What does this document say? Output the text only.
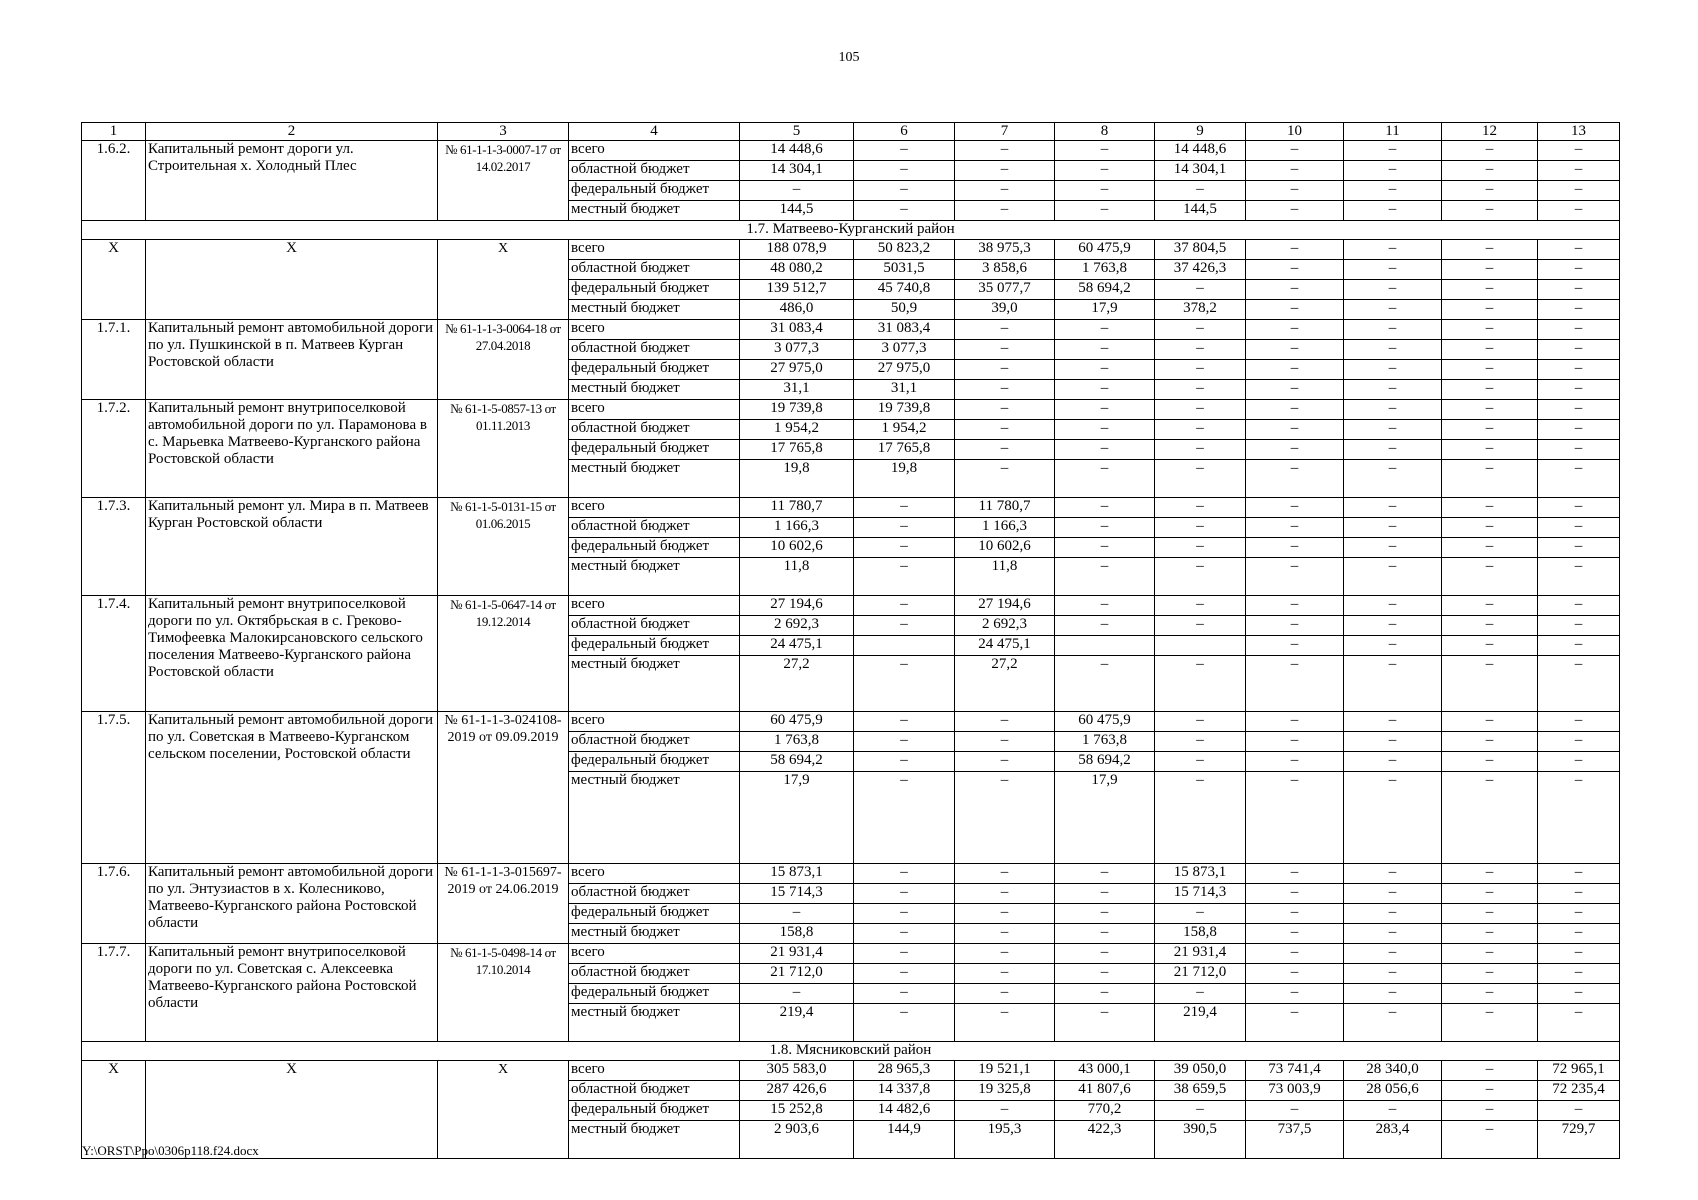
105
1	2	3	4	5	6	7	8	9	10	11	12	13
1.6.2.	Капитальный ремонт дороги ул. Строительная х. Холодный Плес	№ 61-1-1-3-0007-17 от 14.02.2017	всего	14 448,6	–	–	–	14 448,6	–	–	–	–
			областной бюджет	14 304,1	–	–	–	14 304,1	–	–	–	–
			федеральный бюджет	–	–	–	–	–	–	–	–	–
			местный бюджет	144,5	–	–	–	144,5	–	–	–	–
1.7. Матвеево-Курганский район												
Х	Х	Х	всего	188 078,9	50 823,2	38 975,3	60 475,9	37 804,5	–	–	–	–
			областной бюджет	48 080,2	5031,5	3 858,6	1 763,8	37 426,3	–	–	–	–
			федеральный бюджет	139 512,7	45 740,8	35 077,7	58 694,2	–	–	–	–	–
			местный бюджет	486,0	50,9	39,0	17,9	378,2	–	–	–	–
1.7.1.	Капитальный ремонт автомобильной дороги по ул. Пушкинской в п. Матвеев Курган Ростовской области	№ 61-1-1-3-0064-18 от 27.04.2018	всего	31 083,4	31 083,4	–	–	–	–	–	–	–
			областной бюджет	3 077,3	3 077,3	–	–	–	–	–	–	–
			федеральный бюджет	27 975,0	27 975,0	–	–	–	–	–	–	–
			местный бюджет	31,1	31,1	–	–	–	–	–	–	–
1.7.2.	Капитальный ремонт внутрипоселковой автомобильной дороги по ул. Парамонова в с. Марьевка Матвеево-Курганского района Ростовской области	№ 61-1-5-0857-13 от 01.11.2013	всего	19 739,8	19 739,8	–	–	–	–	–	–	–
			областной бюджет	1 954,2	1 954,2	–	–	–	–	–	–	–
			федеральный бюджет	17 765,8	17 765,8	–	–	–	–	–	–	–
			местный бюджет	19,8	19,8	–	–	–	–	–	–	–
1.7.3.	Капитальный ремонт ул. Мира в п. Матвеев Курган Ростовской области	№ 61-1-5-0131-15 от 01.06.2015	всего	11 780,7	–	11 780,7	–	–	–	–	–	–
			областной бюджет	1 166,3	–	1 166,3	–	–	–	–	–	–
			федеральный бюджет	10 602,6	–	10 602,6	–	–	–	–	–	–
			местный бюджет	11,8	–	11,8	–	–	–	–	–	–
1.7.4.	Капитальный ремонт внутрипоселковой дороги по ул. Октябрьская в с. Греково-Тимофеевка Малокирсановского сельского поселения Матвеево-Курганского района Ростовской области	№ 61-1-5-0647-14 от 19.12.2014	всего	27 194,6	–	27 194,6	–	–	–	–	–	–
			областной бюджет	2 692,3	–	2 692,3	–	–	–	–	–	–
			федеральный бюджет	24 475,1		24 475,1			–	–	–	–
			местный бюджет	27,2	–	27,2	–	–	–	–	–	–
1.7.5.	Капитальный ремонт автомобильной дороги по ул. Советская в Матвеево-Курганском сельском поселении, Ростовской области	№ 61-1-1-3-024108-2019 от 09.09.2019	всего	60 475,9	–	–	60 475,9	–	–	–	–	–
			областной бюджет	1 763,8	–	–	1 763,8	–	–	–	–	–
			федеральный бюджет	58 694,2	–	–	58 694,2	–	–	–	–	–
			местный бюджет	17,9	–	–	17,9	–	–	–	–	–
1.7.6.	Капитальный ремонт автомобильной дороги по ул. Энтузиастов в х. Колесниково, Матвеево-Курганского района Ростовской области	№ 61-1-1-3-015697-2019 от 24.06.2019	всего	15 873,1	–	–	–	15 873,1	–	–	–	–
			областной бюджет	15 714,3	–	–	–	15 714,3	–	–	–	–
			федеральный бюджет	–	–	–	–	–	–	–	–	–
			местный бюджет	158,8	–	–	–	158,8	–	–	–	–
1.7.7.	Капитальный ремонт внутрипоселковой дороги по ул. Советская с. Алексеевка Матвеево-Курганского района Ростовской области	№ 61-1-5-0498-14 от 17.10.2014	всего	21 931,4	–	–	–	21 931,4	–	–	–	–
			областной бюджет	21 712,0	–	–	–	21 712,0	–	–	–	–
			федеральный бюджет	–	–	–	–	–	–	–	–	–
			местный бюджет	219,4	–	–	–	219,4	–	–	–	–
1.8. Мясниковский район												
Х	Х	Х	всего	305 583,0	28 965,3	19 521,1	43 000,1	39 050,0	73 741,4	28 340,0	–	72 965,1
			областной бюджет	287 426,6	14 337,8	19 325,8	41 807,6	38 659,5	73 003,9	28 056,6	–	72 235,4
			федеральный бюджет	15 252,8	14 482,6	–	770,2	–	–	–	–	–
			местный бюджет	2 903,6	144,9	195,3	422,3	390,5	737,5	283,4	–	729,7
Y:\ORST\Ppo\0306p118.f24.docx
